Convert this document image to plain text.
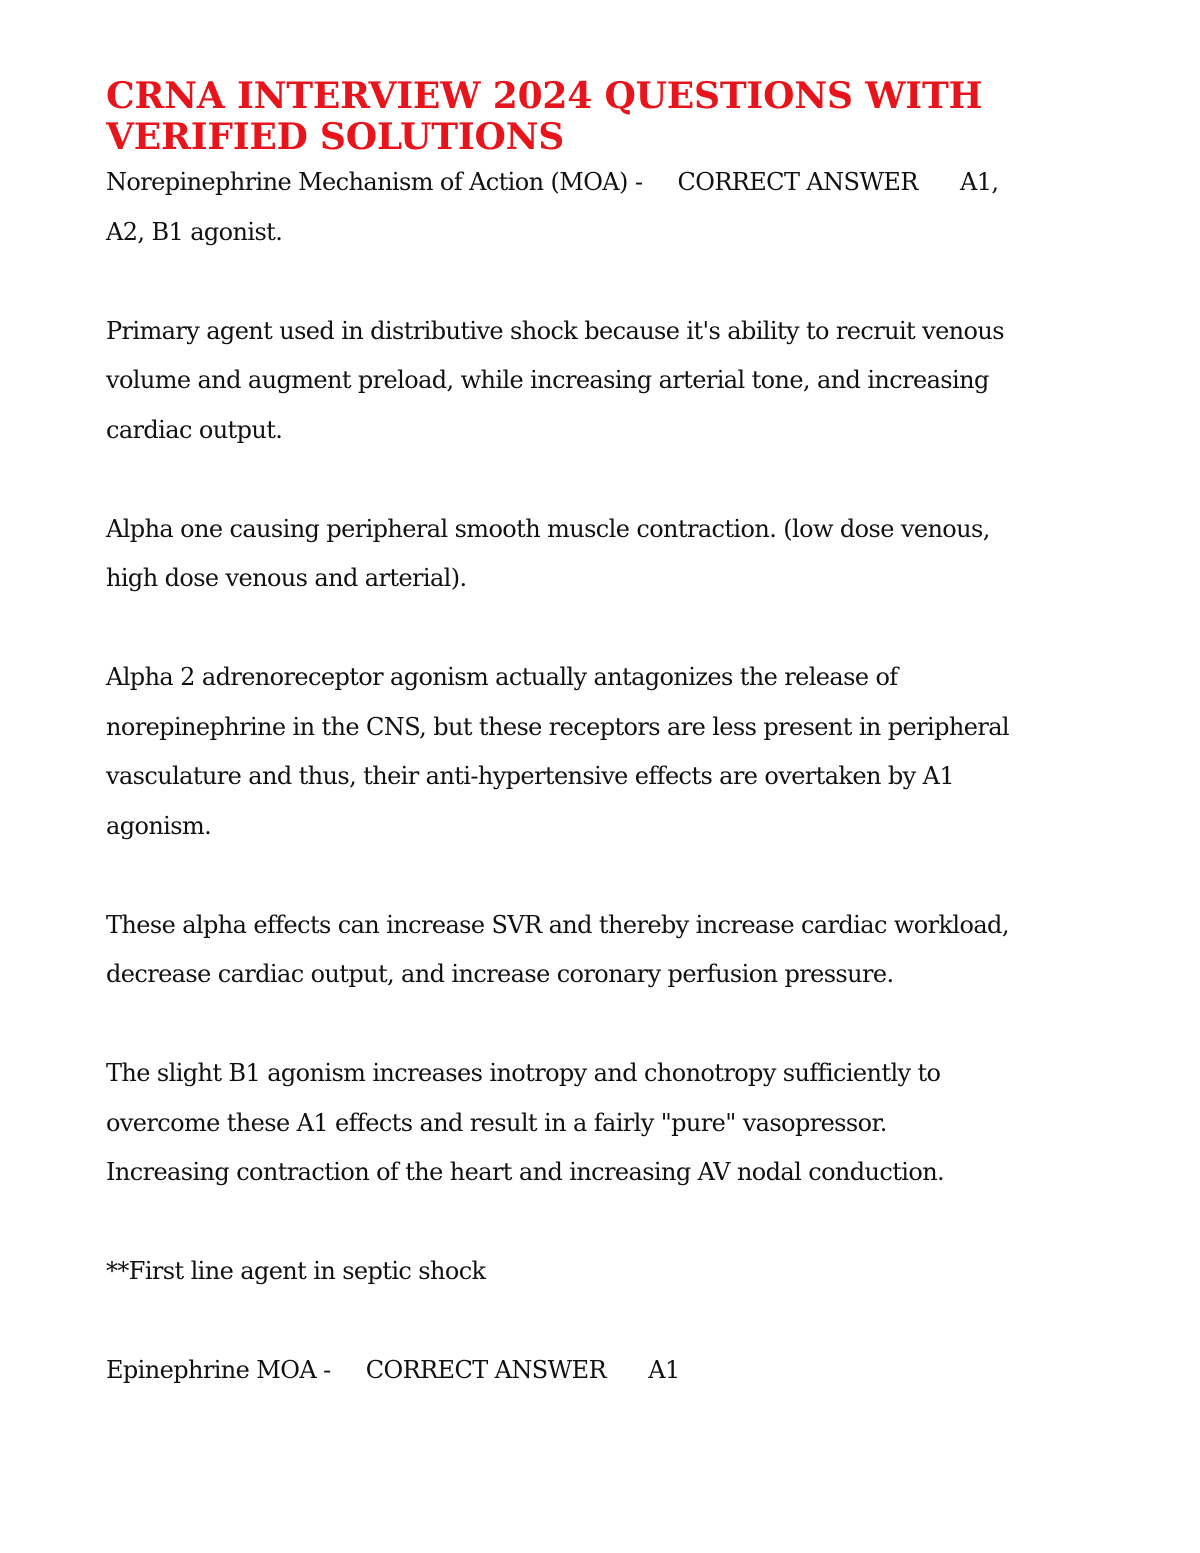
CRNA INTERVIEW 2024 QUESTIONS WITH
VERIFIED SOLUTIONS

Norepinephrine Mechanism of Action (MOA) -     CORRECT ANSWER      A1,
A2, B1 agonist.

Primary agent used in distributive shock because it's ability to recruit venous
volume and augment preload, while increasing arterial tone, and increasing
cardiac output.

Alpha one causing peripheral smooth muscle contraction. (low dose venous,
high dose venous and arterial).

Alpha 2 adrenoreceptor agonism actually antagonizes the release of
norepinephrine in the CNS, but these receptors are less present in peripheral
vasculature and thus, their anti-hypertensive effects are overtaken by A1
agonism.

These alpha effects can increase SVR and thereby increase cardiac workload,
decrease cardiac output, and increase coronary perfusion pressure.

The slight B1 agonism increases inotropy and chonotropy sufficiently to
overcome these A1 effects and result in a fairly "pure" vasopressor.
Increasing contraction of the heart and increasing AV nodal conduction.

**First line agent in septic shock

Epinephrine MOA -     CORRECT ANSWER      A1
